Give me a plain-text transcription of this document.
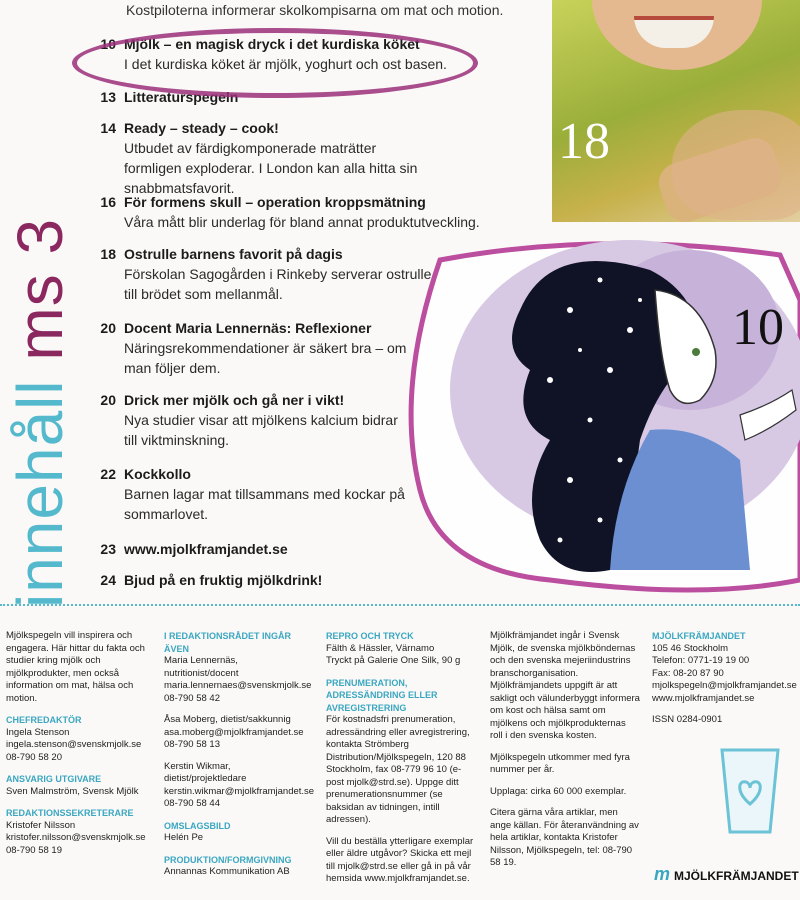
innehåll ms 3
Kostpiloterna informerar skolkompisarna om mat och motion.
10 Mjölk – en magisk dryck i det kurdiska köket
I det kurdiska köket är mjölk, yoghurt och ost basen.
13 Litteraturspegeln
14 Ready – steady – cook!
Utbudet av färdigkomponerade maträtter formligen exploderar. I London kan alla hitta sin snabbmatsfavorit.
16 För formens skull – operation kroppsmätning
Våra mått blir underlag för bland annat produktutveckling.
18 Ostrulle barnens favorit på dagis
Förskolan Sagogården i Rinkeby serverar ostrulle till brödet som mellanmål.
20 Docent Maria Lennernäs: Reflexioner
Näringsrekommendationer är säkert bra – om man följer dem.
20 Drick mer mjölk och gå ner i vikt!
Nya studier visar att mjölkens kalcium bidrar till viktminskning.
22 Kockkollo
Barnen lagar mat tillsammans med kockar på sommarlovet.
23 www.mjolkframjandet.se
24 Bjud på en fruktig mjölkdrink!
18
10

Mjölkspegeln vill inspirera och engagera. Här hittar du fakta och studier kring mjölk och mjölkprodukter, men också information om mat, hälsa och motion.

CHEFREDAKTÖR
Ingela Stenson
ingela.stenson@svenskmjolk.se
08-790 58 20

ANSVARIG UTGIVARE
Sven Malmström, Svensk Mjölk

REDAKTIONSSEKRETERARE
Kristofer Nilsson
kristofer.nilsson@svenskmjolk.se
08-790 58 19

I REDAKTIONSRÅDET INGÅR ÄVEN
Maria Lennernäs, nutritionist/docent
maria.lennernaes@svenskmjolk.se
08-790 58 42

Åsa Moberg, dietist/sakkunnig
asa.moberg@mjolkframjandet.se
08-790 58 13

Kerstin Wikmar, dietist/projektledare
kerstin.wikmar@mjolkframjandet.se
08-790 58 44

OMSLAGSBILD
Helén Pe

PRODUKTION/FORMGIVNING
Annannas Kommunikation AB

REPRO OCH TRYCK
Fälth & Hässler, Värnamo
Tryckt på Galerie One Silk, 90 g

PRENUMERATION, ADRESSÄNDRING ELLER AVREGISTRERING
För kostnadsfri prenumeration, adressändring eller avregistrering, kontakta Strömberg Distribution/Mjölkspegeln, 120 88 Stockholm, fax 08-779 96 10 (e-post mjolk@strd.se). Uppge ditt prenumerationsnummer (se baksidan av tidningen, intill adressen).

Vill du beställa ytterligare exemplar eller äldre utgåvor? Skicka ett mejl till mjolk@strd.se eller gå in på vår hemsida www.mjolkframjandet.se.

Mjölkfrämjandet ingår i Svensk Mjölk, de svenska mjölkböndernas och den svenska mejeriindustrins branschorganisation. Mjölkfrämjandets uppgift är att sakligt och välunderbyggt informera om kost och hälsa samt om mjölkens och mjölkprodukternas roll i den svenska kosten.

Mjölkspegeln utkommer med fyra nummer per år.

Upplaga: cirka 60 000 exemplar.

Citera gärna våra artiklar, men ange källan. För återanvändning av hela artiklar, kontakta Kristofer Nilsson, Mjölkspegeln, tel: 08-790 58 19.

MJÖLKFRÄMJANDET
105 46 Stockholm
Telefon: 0771-19 19 00
Fax: 08-20 87 90
mjolkspegeln@mjolkframjandet.se
www.mjolkframjandet.se

ISSN 0284-0901

mMJÖLKFRÄMJANDET
